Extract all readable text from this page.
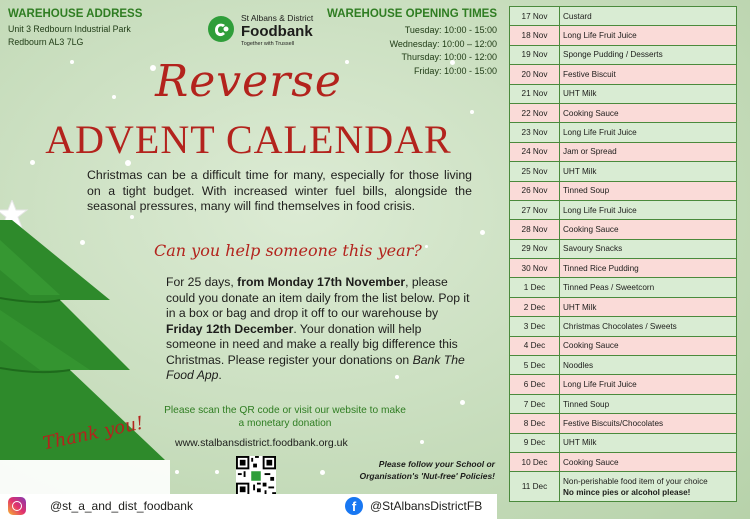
WAREHOUSE ADDRESS
Unit 3 Redbourn Industrial Park
Redbourn AL3 7LG
St Albans & District
Foodbank
Together with Trussell
WAREHOUSE OPENING TIMES
Tuesday: 10:00 - 15:00
Wednesday: 10:00 – 12:00
Thursday: 10:00 - 12:00
Friday: 10:00 - 15:00
Reverse
ADVENT CALENDAR
Christmas can be a difficult time for many, especially for those living on a tight budget. With increased winter fuel bills, alongside the seasonal pressures, many will find themselves in food crisis.
Can you help someone this year?
For 25 days, from Monday 17th November, please could you donate an item daily from the list below. Pop it in a box or bag and drop it off to our warehouse by Friday 12th December. Your donation will help someone in need and make a really big difference this Christmas. Please register your donations on Bank The Food App.
Please scan the QR code or visit our website to make a monetary donation
www.stalbansdistrict.foodbank.org.uk
Thank you!
Please follow your School or Organisation's 'Nut-free' Policies!
@st_a_and_dist_foodbank	f	@StAlbansDistrictFB
17 Nov	Custard
18 Nov	Long Life Fruit Juice
19 Nov	Sponge Pudding / Desserts
20 Nov	Festive Biscuit
21 Nov	UHT Milk
22 Nov	Cooking Sauce
23 Nov	Long Life Fruit Juice
24 Nov	Jam or Spread
25 Nov	UHT Milk
26 Nov	Tinned Soup
27 Nov	Long Life Fruit Juice
28 Nov	Cooking Sauce
29 Nov	Savoury Snacks
30 Nov	Tinned Rice Pudding
1 Dec	Tinned Peas / Sweetcorn
2 Dec	UHT Milk
3 Dec	Christmas Chocolates / Sweets
4 Dec	Cooking Sauce
5 Dec	Noodles
6 Dec	Long Life Fruit Juice
7 Dec	Tinned Soup
8 Dec	Festive Biscuits/Chocolates
9 Dec	UHT Milk
10 Dec	Cooking Sauce
11 Dec	Non-perishable food item of your choice
No mince pies or alcohol please!
